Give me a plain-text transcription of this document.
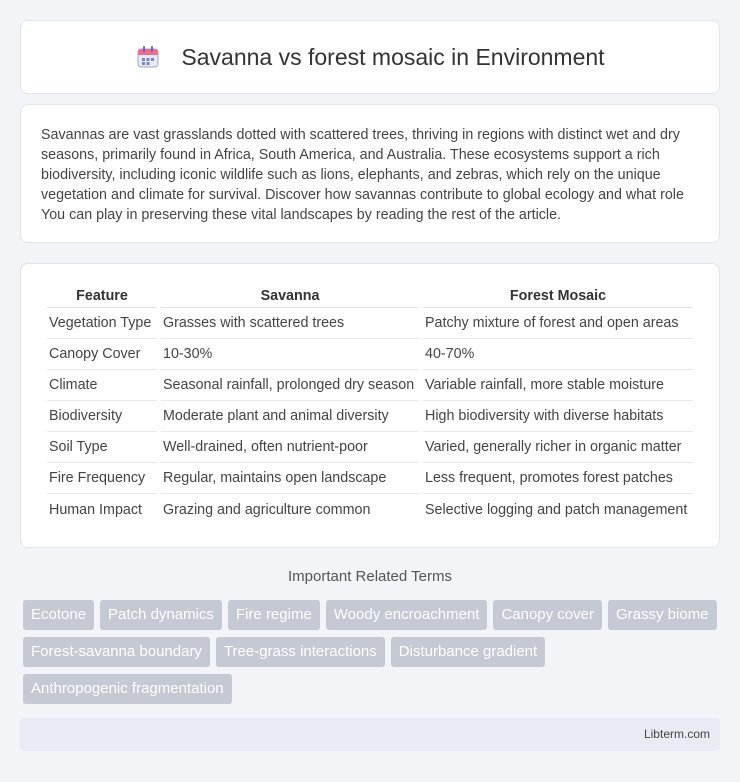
Savanna vs forest mosaic in Environment

Savannas are vast grasslands dotted with scattered trees, thriving in regions with distinct wet and dry seasons, primarily found in Africa, South America, and Australia. These ecosystems support a rich biodiversity, including iconic wildlife such as lions, elephants, and zebras, which rely on the unique vegetation and climate for survival. Discover how savannas contribute to global ecology and what role You can play in preserving these vital landscapes by reading the rest of the article.

Feature	Savanna	Forest Mosaic
Vegetation Type	Grasses with scattered trees	Patchy mixture of forest and open areas
Canopy Cover	10-30%	40-70%
Climate	Seasonal rainfall, prolonged dry season	Variable rainfall, more stable moisture
Biodiversity	Moderate plant and animal diversity	High biodiversity with diverse habitats
Soil Type	Well-drained, often nutrient-poor	Varied, generally richer in organic matter
Fire Frequency	Regular, maintains open landscape	Less frequent, promotes forest patches
Human Impact	Grazing and agriculture common	Selective logging and patch management
Important Related Terms
Ecotone	Patch dynamics	Fire regime	Woody encroachment	Canopy cover	Grassy biome
Forest-savanna boundary	Tree-grass interactions	Disturbance gradient
Anthropogenic fragmentation
Libterm.com
